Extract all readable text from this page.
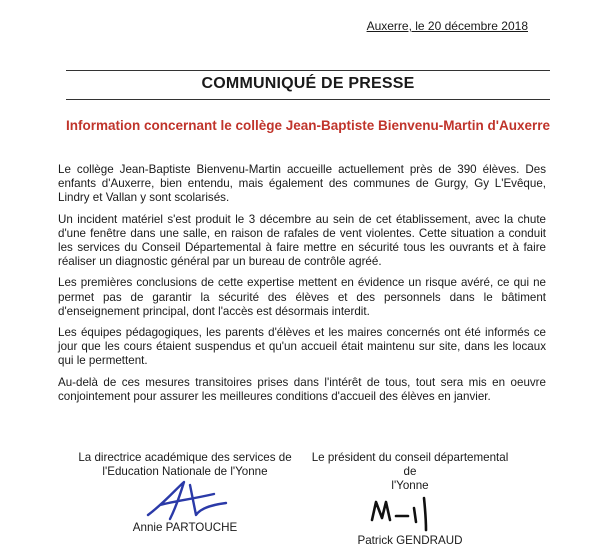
Auxerre, le 20 décembre 2018
COMMUNIQUÉ DE PRESSE
Information concernant le collège Jean-Baptiste Bienvenu-Martin d'Auxerre

Le collège Jean-Baptiste Bienvenu-Martin accueille actuellement près de 390 élèves. Des enfants d'Auxerre, bien entendu, mais également des communes de Gurgy, Gy L'Evêque, Lindry et Vallan y sont scolarisés.

Un incident matériel s'est produit le 3 décembre au sein de cet établissement, avec la chute d'une fenêtre dans une salle, en raison de rafales de vent violentes. Cette situation a conduit les services du Conseil Départemental à faire mettre en sécurité tous les ouvrants et à faire réaliser un diagnostic général par un bureau de contrôle agréé.

Les premières conclusions de cette expertise mettent en évidence un risque avéré, ce qui ne permet pas de garantir la sécurité des élèves et des personnels dans le bâtiment d'enseignement principal, dont l'accès est désormais interdit.

Les équipes pédagogiques, les parents d'élèves et les maires concernés ont été informés ce jour que les cours étaient suspendus et qu'un accueil était maintenu sur site, dans les locaux qui le permettent.

Au-delà de ces mesures transitoires prises dans l'intérêt de tous, tout sera mis en oeuvre conjointement pour assurer les meilleures conditions d'accueil des élèves en janvier.

La directrice académique des services de
l'Education Nationale de l'Yonne
Annie PARTOUCHE
Le président du conseil départemental de
l'Yonne
Patrick GENDRAUD
